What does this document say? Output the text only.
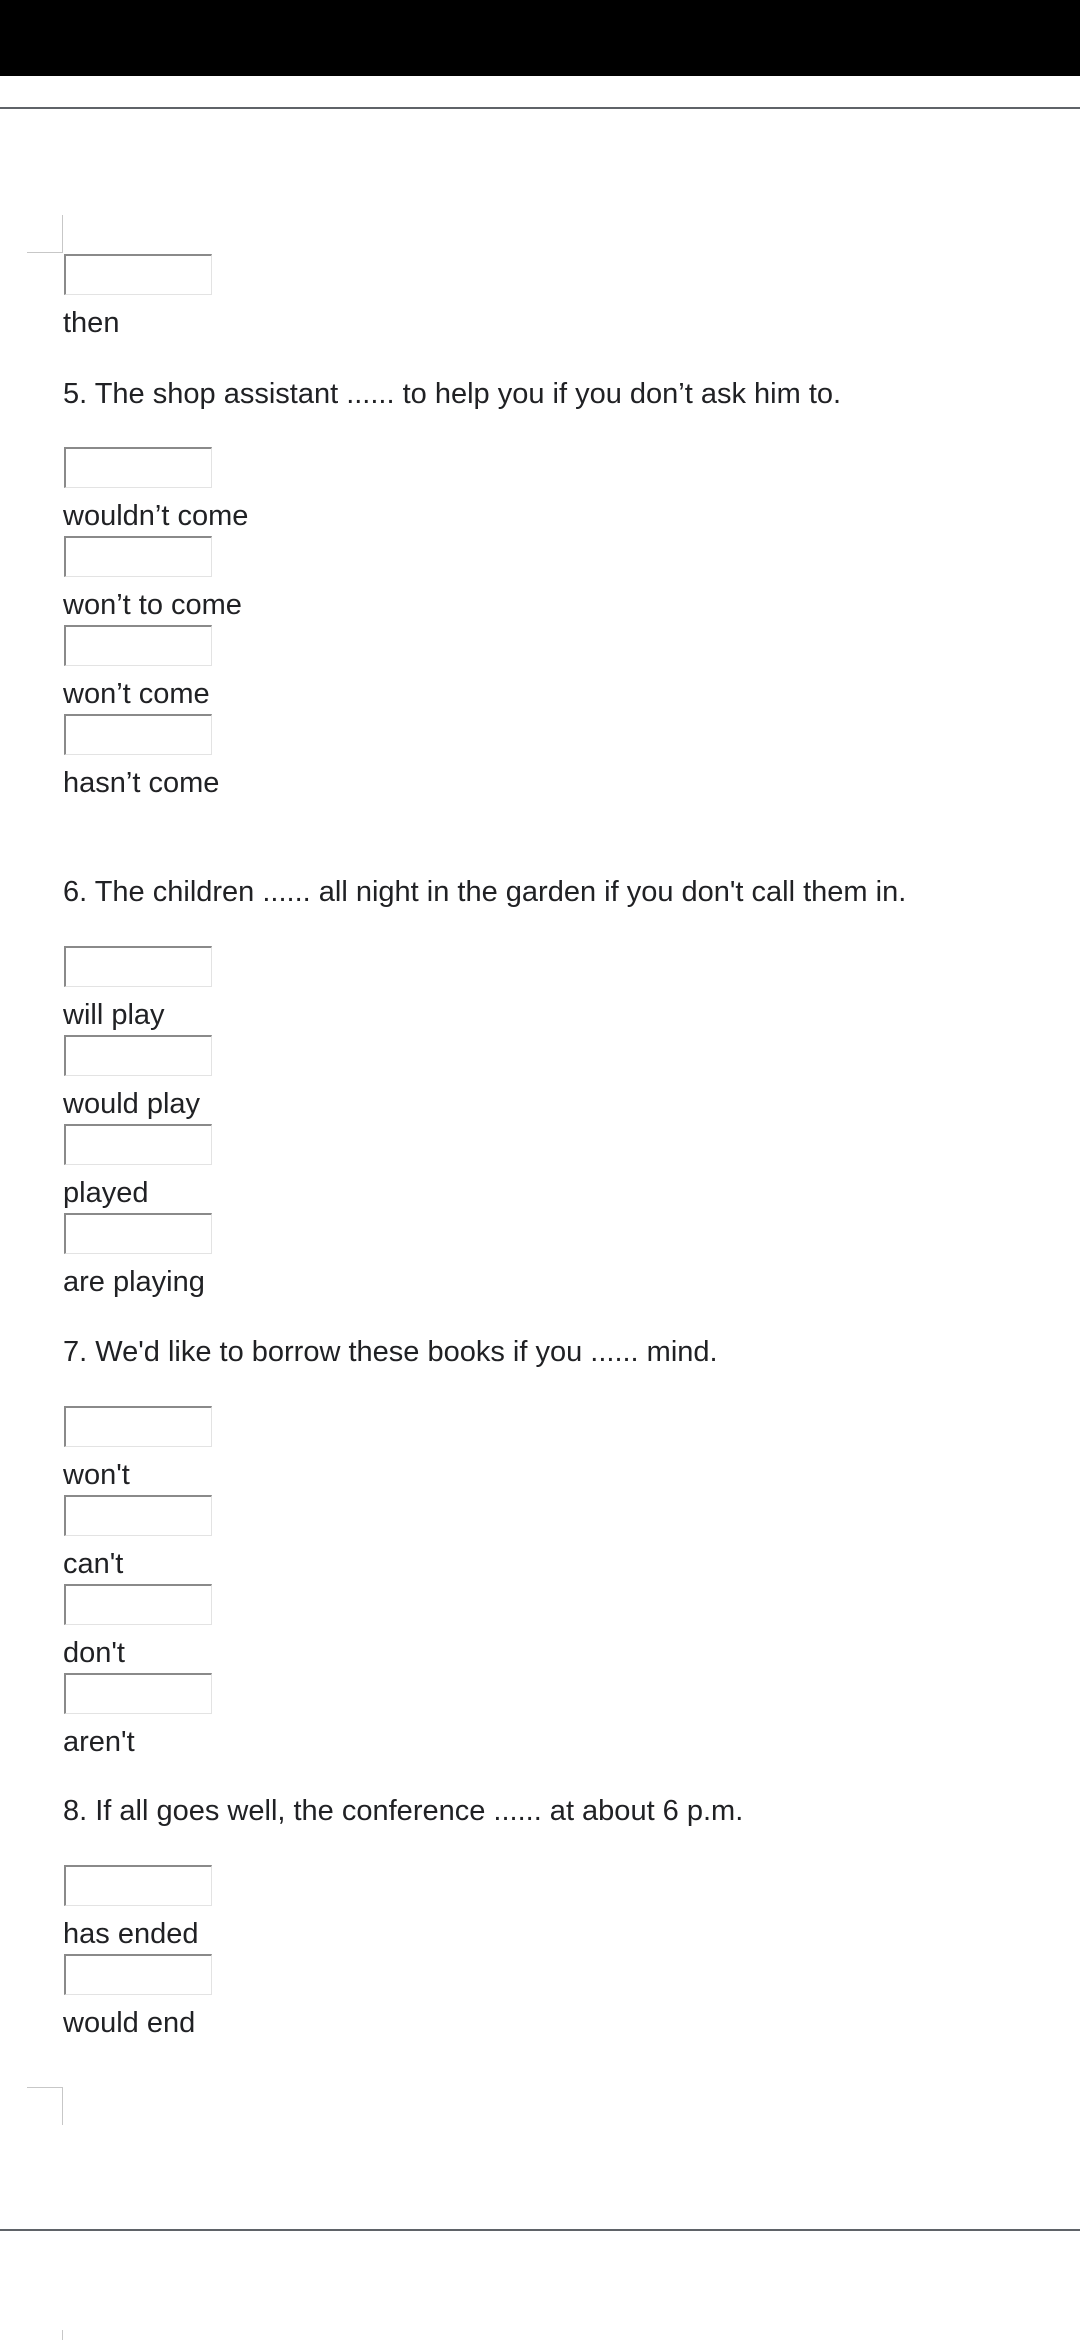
then
5. The shop assistant ...... to help you if you don’t ask him to.
wouldn’t come
won’t to come
won’t come
hasn’t come
6. The children ...... all night in the garden if you don't call them in.
will play
would play
played
are playing
7. We'd like to borrow these books if you ...... mind.
won't
can't
don't
aren't
8. If all goes well, the conference ...... at about 6 p.m.
has ended
would end
